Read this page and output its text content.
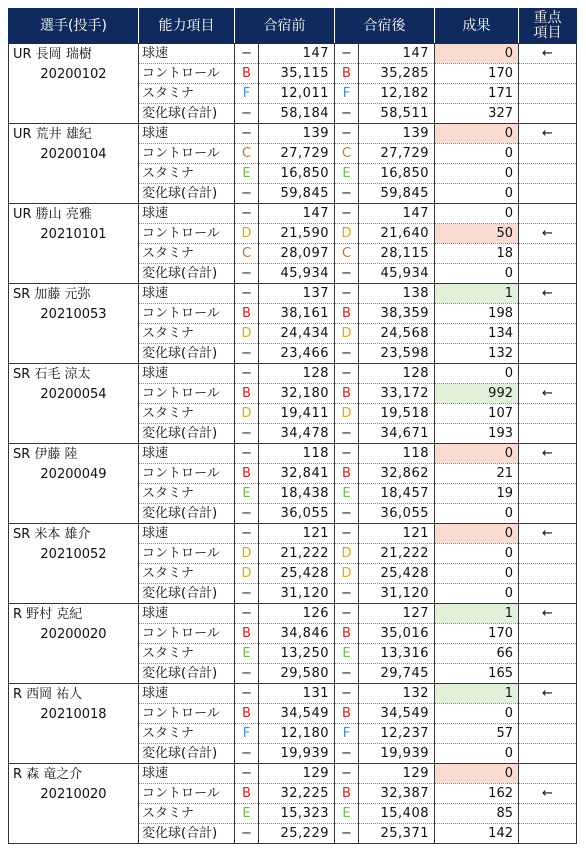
選手(投手)	能力項目	合宿前		合宿後		成果	重点
項目

UR 長岡 瑞樹
20200102	球速	−	147	−	147	0	←
	コントロール	B	35,115	B	35,285	170	
	スタミナ	F	12,011	F	12,182	171	
	変化球(合計)	−	58,184	−	58,511	327	

UR 荒井 雄紀
20200104	球速	−	139	−	139	0	←
	コントロール	C	27,729	C	27,729	0	
	スタミナ	E	16,850	E	16,850	0	
	変化球(合計)	−	59,845	−	59,845	0	

UR 勝山 亮雅
20210101	球速	−	147	−	147	0	
	コントロール	D	21,590	D	21,640	50	←
	スタミナ	C	28,097	C	28,115	18	
	変化球(合計)	−	45,934	−	45,934	0	

SR 加藤 元弥
20210053	球速	−	137	−	138	1	←
	コントロール	B	38,161	B	38,359	198	
	スタミナ	D	24,434	D	24,568	134	
	変化球(合計)	−	23,466	−	23,598	132	

SR 石毛 涼太
20200054	球速	−	128	−	128	0	
	コントロール	B	32,180	B	33,172	992	←
	スタミナ	D	19,411	D	19,518	107	
	変化球(合計)	−	34,478	−	34,671	193	

SR 伊藤 陸
20200049	球速	−	118	−	118	0	←
	コントロール	B	32,841	B	32,862	21	
	スタミナ	E	18,438	E	18,457	19	
	変化球(合計)	−	36,055	−	36,055	0	

SR 米本 雄介
20210052	球速	−	121	−	121	0	←
	コントロール	D	21,222	D	21,222	0	
	スタミナ	D	25,428	D	25,428	0	
	変化球(合計)	−	31,120	−	31,120	0	

R 野村 克紀
20200020	球速	−	126	−	127	1	←
	コントロール	B	34,846	B	35,016	170	
	スタミナ	E	13,250	E	13,316	66	
	変化球(合計)	−	29,580	−	29,745	165	

R 西岡 祐人
20210018	球速	−	131	−	132	1	←
	コントロール	B	34,549	B	34,549	0	
	スタミナ	F	12,180	F	12,237	57	
	変化球(合計)	−	19,939	−	19,939	0	

R 森 竜之介
20210020	球速	−	129	−	129	0	
	コントロール	B	32,225	B	32,387	162	←
	スタミナ	E	15,323	E	15,408	85	
	変化球(合計)	−	25,229	−	25,371	142	
